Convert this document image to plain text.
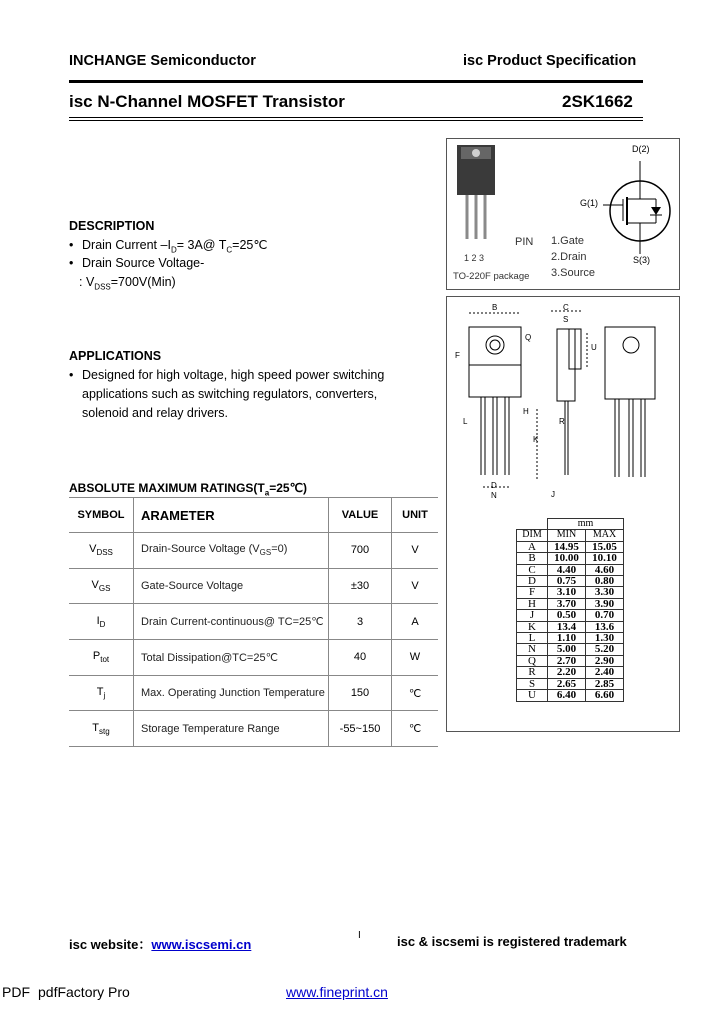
INCHANGE Semiconductor	isc Product Specification
isc N-Channel MOSFET Transistor	2SK1662
D(2)
G(1)
S(3)
PIN
1 2 3
TO-220F package
1.Gate
2.Drain
3.Source
DESCRIPTION
• Drain Current $-I_D=$ 3A@ $T_C=25℃$
• Drain Source Voltage-
: $V_{DSS}=700V(Min)$
APPLICATIONS
• Designed for high voltage, high speed power switching
applications such as switching regulators, converters,
solenoid and relay drivers.
ABSOLUTE MAXIMUM $RATINGS(T_a=25℃)$
SYMBOL	ARAMETER	VALUE	UNIT
$V_{DSS}$	Drain-Source Voltage $(V_{GS}=0)$	700	V
$V_{GS}$	Gate-Source Voltage	±30	V
$I_D$	Drain Current-continuous@ TC=25℃	3	A
$P_{tot}$	Total Dissipation@TC=25℃	40	W
$T_j$	Max. Operating Junction Temperature	150	℃
$T_{stg}$	Storage Temperature Range	-55~150	℃
B	C
S
Q
U
F
L	R
H
K
D
N	J
	mm	
DIM	MIN	MAX
A	14.95	15.05
B	10.00	10.10
C	4.40	4.60
D	0.75	0.80
F	3.10	3.30
H	3.70	3.90
J	0.50	0.70
K	13.4	13.6
L	1.10	1.30
N	5.00	5.20
Q	2.70	2.90
R	2.20	2.40
S	2.65	2.85
U	6.40	6.60
isc website：www.iscsemi.cn
I	isc & iscsemi is registered trademark
PDF pdfFactory Pro	www.fineprint.cn
